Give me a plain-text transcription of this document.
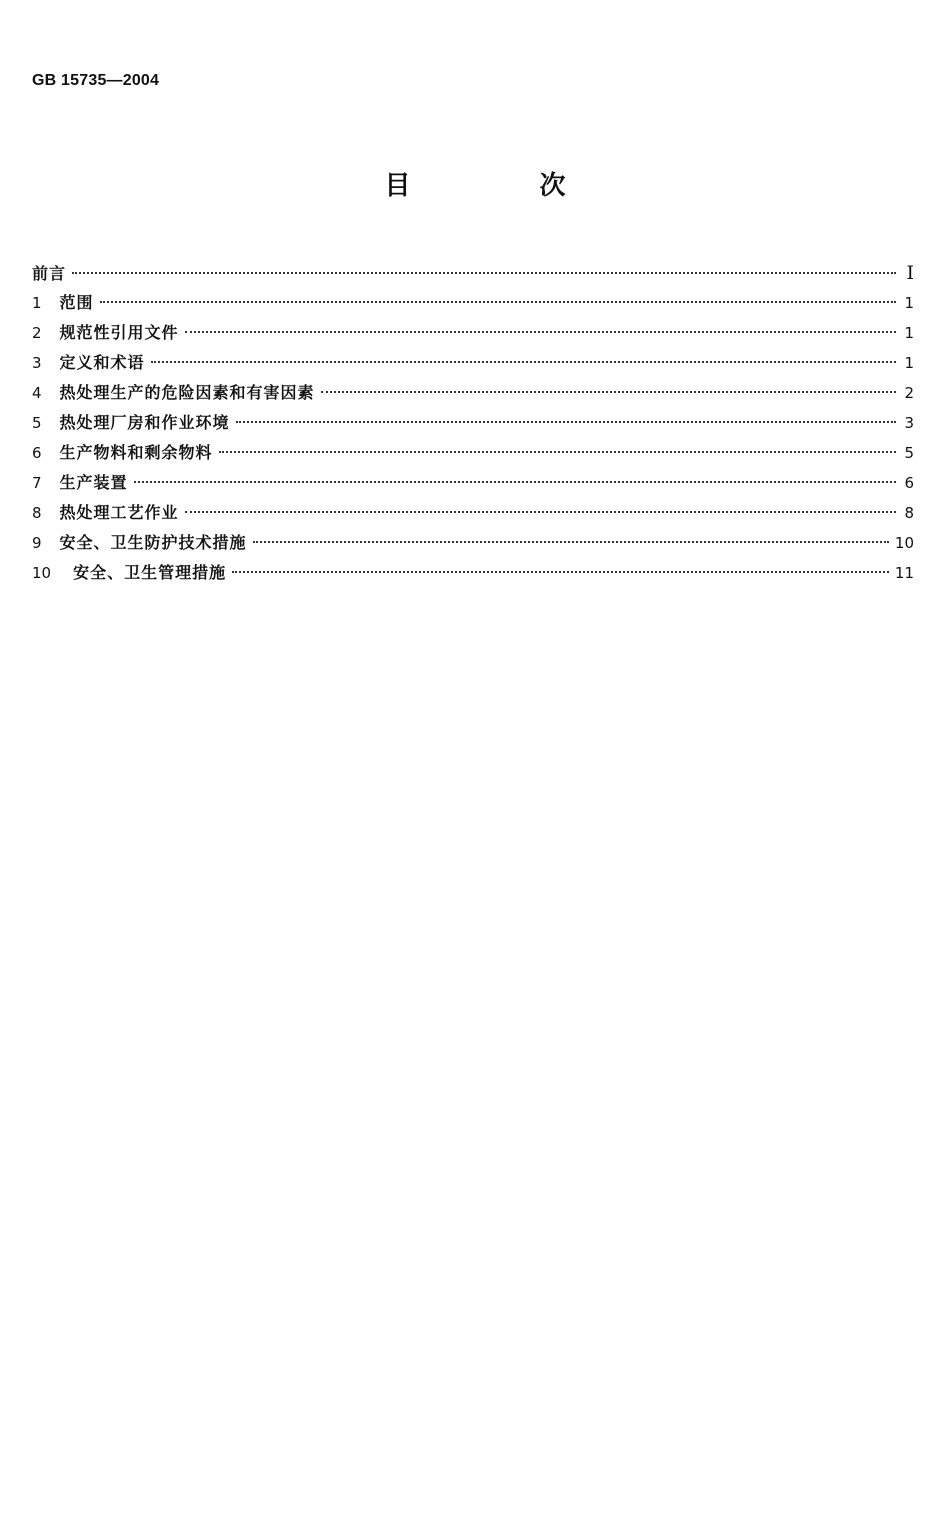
GB 15735—2004
目 次
前言	I
1 范围	1
2 规范性引用文件	1
3 定义和术语	1
4 热处理生产的危险因素和有害因素	2
5 热处理厂房和作业环境	3
6 生产物料和剩余物料	5
7 生产装置	6
8 热处理工艺作业	8
9 安全、卫生防护技术措施	10
10 安全、卫生管理措施	11
